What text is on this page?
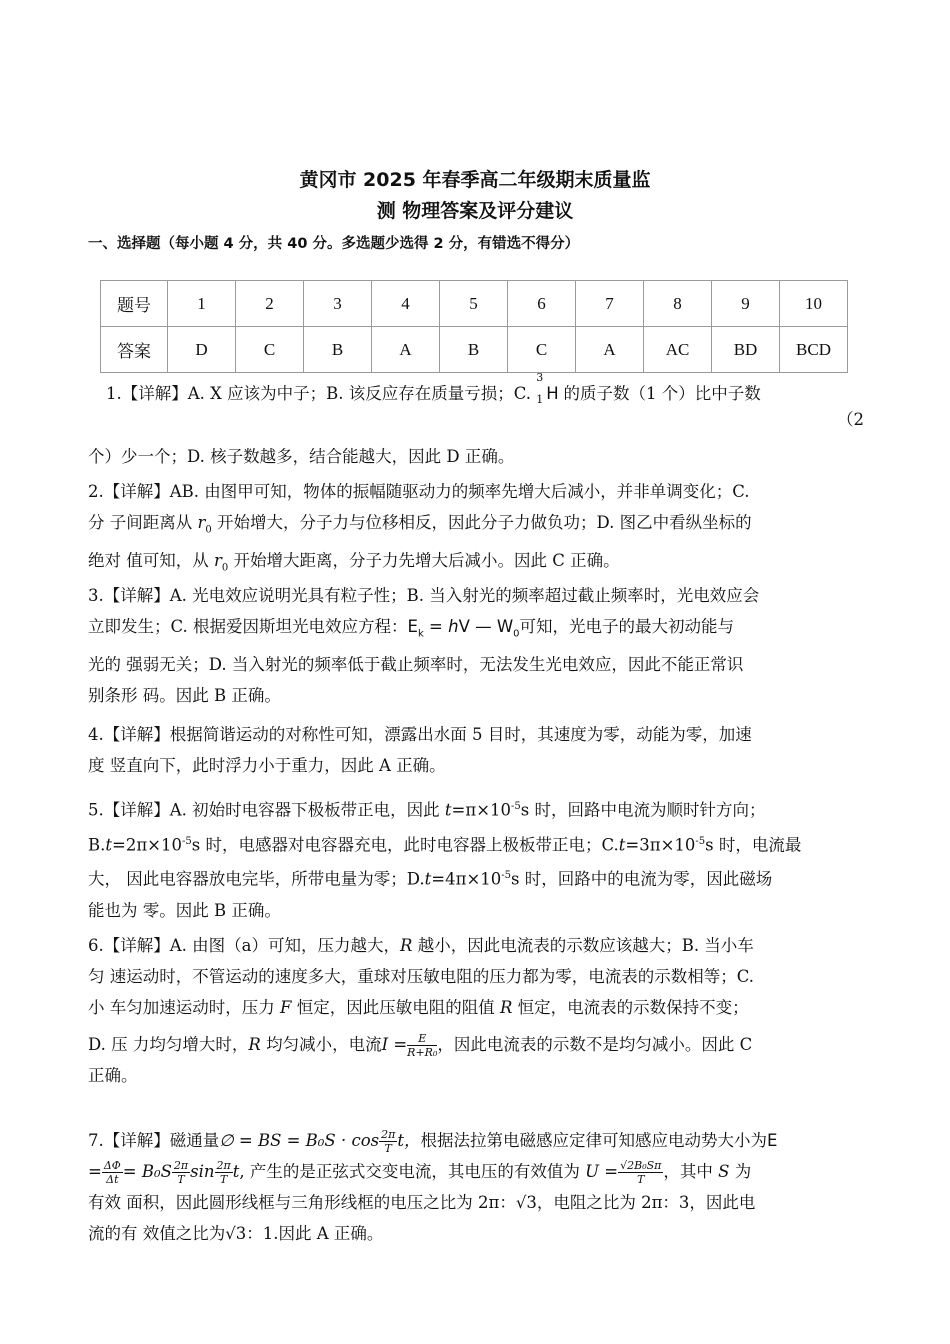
黄冈市 2025 年春季高二年级期末质量监
测 物理答案及评分建议
一、选择题（每小题 4 分，共 40 分。多选题少选得 2 分，有错选不得分）
题号	1	2	3	4	5	6	7	8	9	10
答案	D	C	B	A	B	C	A	AC	BD	BCD

1.【详解】A. X 应该为中子；B. 该反应存在质量亏损；C.
3
1 H 的质子数（1 个）比中子数

（2

个）少一个；D. 核子数越多，结合能越大，因此 D 正确。

2.【详解】AB. 由图甲可知，物体的振幅随驱动力的频率先增大后减小，并非单调变化；C.

分 子间距离从 $r_0$ 开始增大，分子力与位移相反，因此分子力做负功；D. 图乙中看纵坐标的

绝对 值可知，从 $r_0$ 开始增大距离，分子力先增大后减小。因此 C 正确。

3.【详解】A. 光电效应说明光具有粒子性；B. 当入射光的频率超过截止频率时，光电效应会

立即发生；C. 根据爱因斯坦光电效应方程：$E_k$ = hV — $W_0$可知，光电子的最大初动能与

光的 强弱无关；D. 当入射光的频率低于截止频率时，无法发生光电效应，因此不能正常识

别条形 码。因此 B 正确。

4.【详解】根据简谐运动的对称性可知，漂露出水面 5 目时，其速度为零，动能为零，加速

度 竖直向下，此时浮力小于重力，因此 A 正确。

5.【详解】A. 初始时电容器下极板带正电，因此 $t=\pi\times 10^{-5}s$ 时，回路中电流为顺时针方向；

$B.t=2\pi\times 10^{-5}s$ 时，电感器对电容器充电，此时电容器上极板带正电；$C.t=3\pi\times 10^{-5}s$ 时，电流最

大， 因此电容器放电完毕，所带电量为零；$D.t=4\pi\times 10^{-5}s$ 时，回路中的电流为零，因此磁场

能也为 零。因此 B 正确。

6.【详解】A. 由图（a）可知，压力越大，R 越小，因此电流表的示数应该越大；B. 当小车

匀 速运动时，不管运动的速度多大，重球对压敏电阻的压力都为零，电流表的示数相等；C.

小 车匀加速运动时，压力 F 恒定，因此压敏电阻的阻值 R 恒定，电流表的示数保持不变；

D. 压 力均匀增大时，R 均匀减小，电流$I = \frac{E}{\text{R+R₀}}$ ，因此电流表的示数不是均匀减小。因此 C

正确。

7.【详解】磁通量∅ = BS = $B_0S \cdot \cos \frac{2\pi}{T}$ t，根据法拉第电磁感应定律可知感应电动势大小为E

= $\frac{\Delta\Phi}{\Delta t} = B_0S \frac{2\pi}{T}$ $\sin \frac{2\pi}{T} t$, 产生的是正弦式交变电流，其电压的有效值为 $U = \frac{\text{√2B₀Sπ}}{T}$ ，其中 S 为

有效 面积，因此圆形线框与三角形线框的电压之比为 2π：√3，电阻之比为 2π：3，因此电

流的有 效值之比为√3：1.因此 A 正确。
